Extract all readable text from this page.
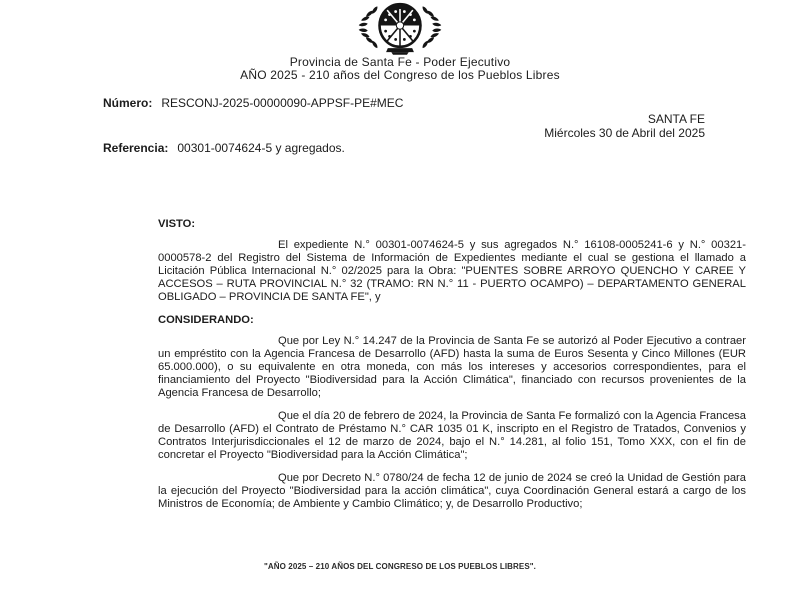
Provincia de Santa Fe - Poder Ejecutivo
AÑO 2025 - 210 años del Congreso de los Pueblos Libres
Número: RESCONJ-2025-00000090-APPSF-PE#MEC
SANTA FE
Miércoles 30 de Abril del 2025
Referencia: 00301-0074624-5 y agregados.
VISTO:

El expediente N.° 00301-0074624-5 y sus agregados N.° 16108-0005241-6 y N.° 00321-0000578-2 del Registro del Sistema de Información de Expedientes mediante el cual se gestiona el llamado a Licitación Pública Internacional N.° 02/2025 para la Obra: "PUENTES SOBRE ARROYO QUENCHO Y CAREE Y ACCESOS – RUTA PROVINCIAL N.° 32 (TRAMO: RN N.° 11 - PUERTO OCAMPO) – DEPARTAMENTO GENERAL OBLIGADO – PROVINCIA DE SANTA FE", y

CONSIDERANDO:

Que por Ley N.° 14.247 de la Provincia de Santa Fe se autorizó al Poder Ejecutivo a contraer un empréstito con la Agencia Francesa de Desarrollo (AFD) hasta la suma de Euros Sesenta y Cinco Millones (EUR 65.000.000), o su equivalente en otra moneda, con más los intereses y accesorios correspondientes, para el financiamiento del Proyecto "Biodiversidad para la Acción Climática", financiado con recursos provenientes de la Agencia Francesa de Desarrollo;

Que el día 20 de febrero de 2024, la Provincia de Santa Fe formalizó con la Agencia Francesa de Desarrollo (AFD) el Contrato de Préstamo N.° CAR 1035 01 K, inscripto en el Registro de Tratados, Convenios y Contratos Interjurisdiccionales el 12 de marzo de 2024, bajo el N.° 14.281, al folio 151, Tomo XXX, con el fin de concretar el Proyecto "Biodiversidad para la Acción Climática";

Que por Decreto N.° 0780/24 de fecha 12 de junio de 2024 se creó la Unidad de Gestión para la ejecución del Proyecto "Biodiversidad para la acción climática", cuya Coordinación General estará a cargo de los Ministros de Economía; de Ambiente y Cambio Climático; y, de Desarrollo Productivo;

"AÑO 2025 – 210 AÑOS DEL CONGRESO DE LOS PUEBLOS LIBRES".
